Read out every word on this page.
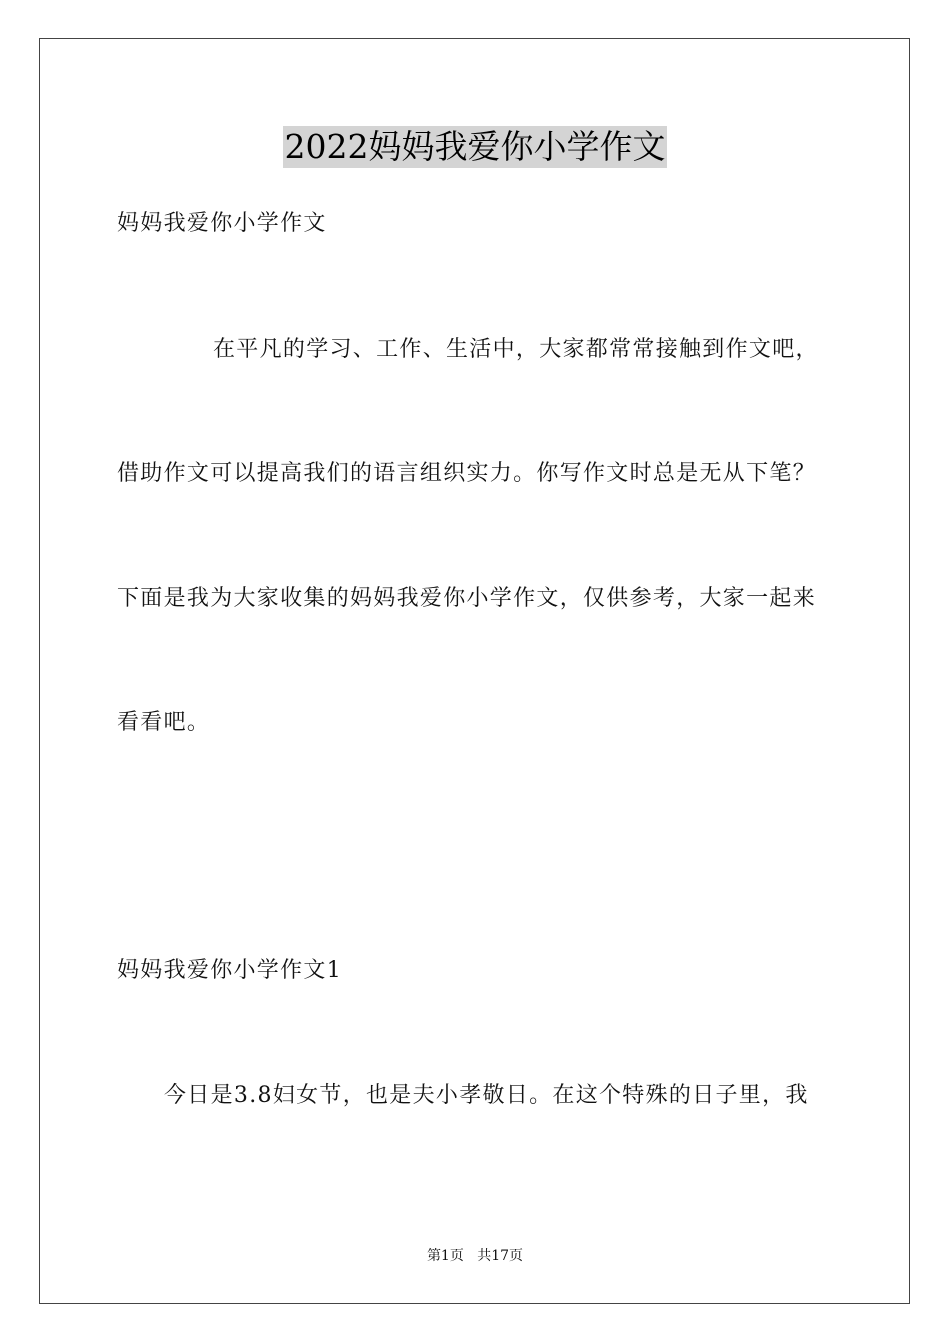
2022妈妈我爱你小学作文
妈妈我爱你小学作文
在平凡的学习、工作、生活中，大家都常常接触到作文吧，
借助作文可以提高我们的语言组织实力。你写作文时总是无从下笔？
下面是我为大家收集的妈妈我爱你小学作文，仅供参考，大家一起来
看看吧。
妈妈我爱你小学作文1
今日是3.8妇女节，也是夫小孝敬日。在这个特殊的日子里，我
第1页 共17页
